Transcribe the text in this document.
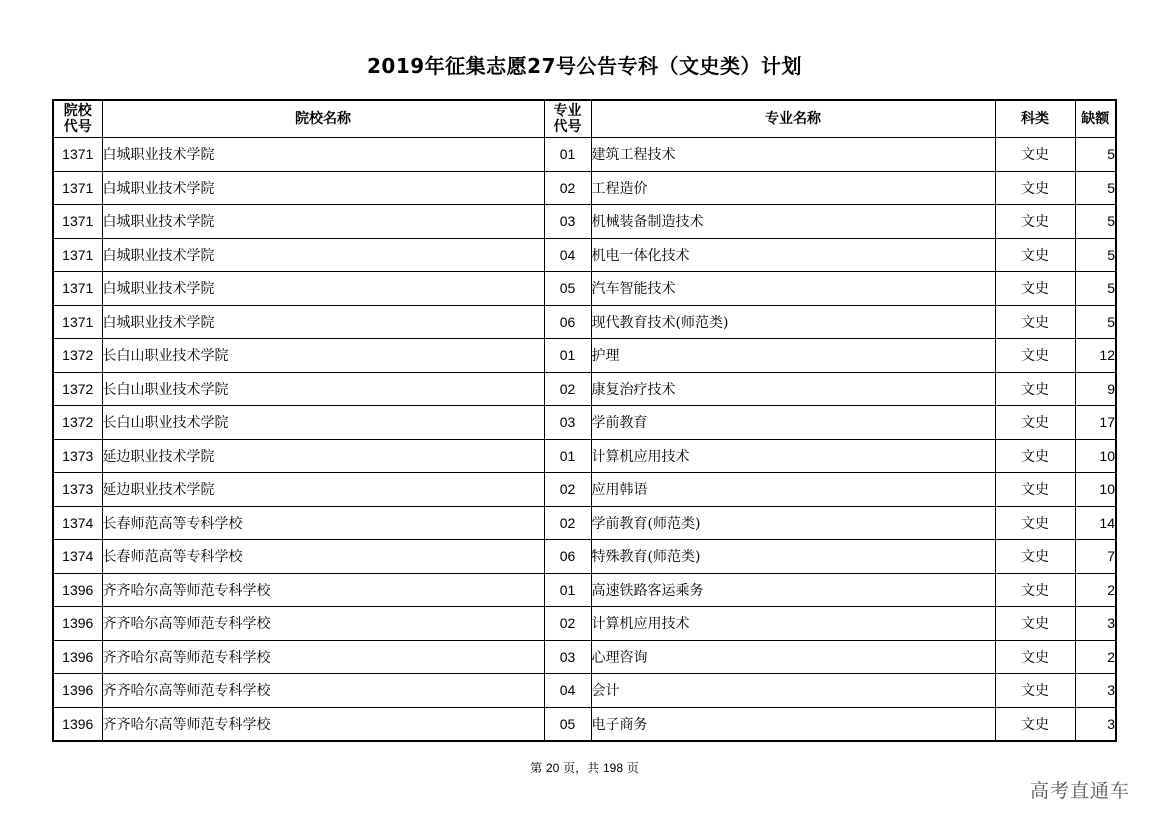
2019年征集志愿27号公告专科（文史类）计划
院校代号	院校名称	专业代号	专业名称	科类	缺额
1371	白城职业技术学院	01	建筑工程技术	文史	5
1371	白城职业技术学院	02	工程造价	文史	5
1371	白城职业技术学院	03	机械装备制造技术	文史	5
1371	白城职业技术学院	04	机电一体化技术	文史	5
1371	白城职业技术学院	05	汽车智能技术	文史	5
1371	白城职业技术学院	06	现代教育技术(师范类)	文史	5
1372	长白山职业技术学院	01	护理	文史	12
1372	长白山职业技术学院	02	康复治疗技术	文史	9
1372	长白山职业技术学院	03	学前教育	文史	17
1373	延边职业技术学院	01	计算机应用技术	文史	10
1373	延边职业技术学院	02	应用韩语	文史	10
1374	长春师范高等专科学校	02	学前教育(师范类)	文史	14
1374	长春师范高等专科学校	06	特殊教育(师范类)	文史	7
1396	齐齐哈尔高等师范专科学校	01	高速铁路客运乘务	文史	2
1396	齐齐哈尔高等师范专科学校	02	计算机应用技术	文史	3
1396	齐齐哈尔高等师范专科学校	03	心理咨询	文史	2
1396	齐齐哈尔高等师范专科学校	04	会计	文史	3
1396	齐齐哈尔高等师范专科学校	05	电子商务	文史	3
第 20 页，共 198 页
高考直通车
